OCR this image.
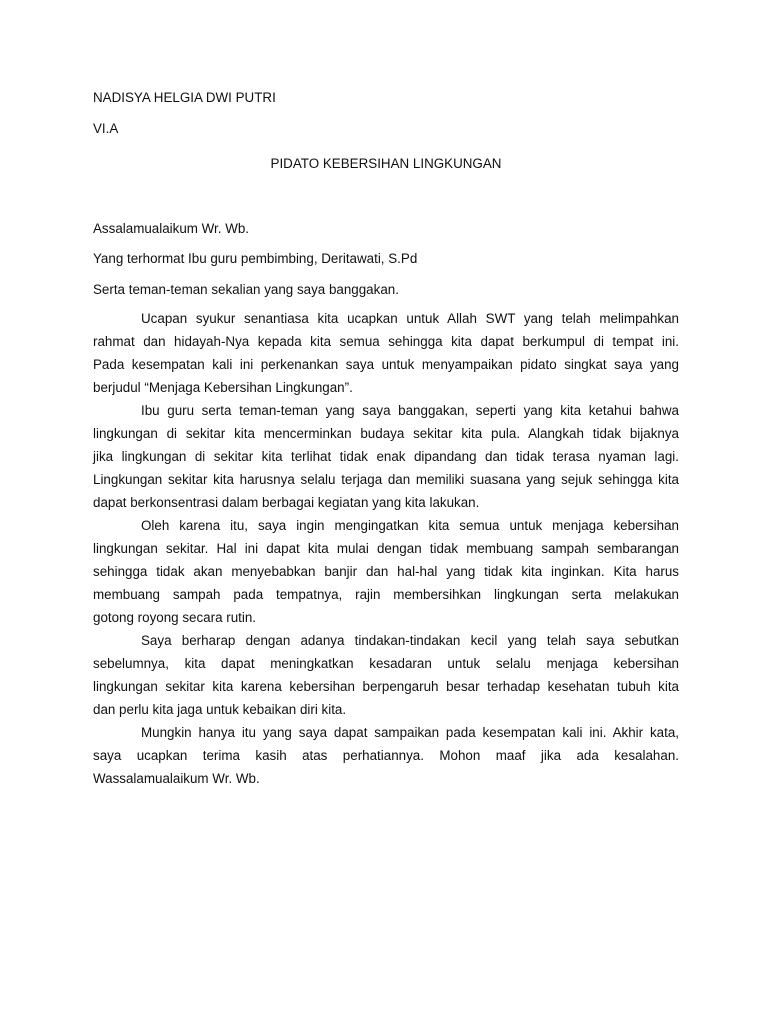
NADISYA HELGIA DWI PUTRI
VI.A
PIDATO KEBERSIHAN LINGKUNGAN
Assalamualaikum Wr. Wb.
Yang terhormat Ibu guru pembimbing, Deritawati, S.Pd
Serta teman-teman sekalian yang saya banggakan.
Ucapan syukur senantiasa kita ucapkan untuk Allah SWT yang telah melimpahkan
rahmat dan hidayah-Nya kepada kita semua sehingga kita dapat berkumpul di tempat ini.
Pada kesempatan kali ini perkenankan saya untuk menyampaikan pidato singkat saya yang
berjudul “Menjaga Kebersihan Lingkungan”.
Ibu guru serta teman-teman yang saya banggakan, seperti yang kita ketahui bahwa
lingkungan di sekitar kita mencerminkan budaya sekitar kita pula. Alangkah tidak bijaknya
jika lingkungan di sekitar kita terlihat tidak enak dipandang dan tidak terasa nyaman lagi.
Lingkungan sekitar kita harusnya selalu terjaga dan memiliki suasana yang sejuk sehingga kita
dapat berkonsentrasi dalam berbagai kegiatan yang kita lakukan.
Oleh karena itu, saya ingin mengingatkan kita semua untuk menjaga kebersihan
lingkungan sekitar. Hal ini dapat kita mulai dengan tidak membuang sampah sembarangan
sehingga tidak akan menyebabkan banjir dan hal-hal yang tidak kita inginkan. Kita harus
membuang sampah pada tempatnya, rajin membersihkan lingkungan serta melakukan
gotong royong secara rutin.
Saya berharap dengan adanya tindakan-tindakan kecil yang telah saya sebutkan
sebelumnya, kita dapat meningkatkan kesadaran untuk selalu menjaga kebersihan
lingkungan sekitar kita karena kebersihan berpengaruh besar terhadap kesehatan tubuh kita
dan perlu kita jaga untuk kebaikan diri kita.
Mungkin hanya itu yang saya dapat sampaikan pada kesempatan kali ini. Akhir kata,
saya ucapkan terima kasih atas perhatiannya. Mohon maaf jika ada kesalahan.
Wassalamualaikum Wr. Wb.
